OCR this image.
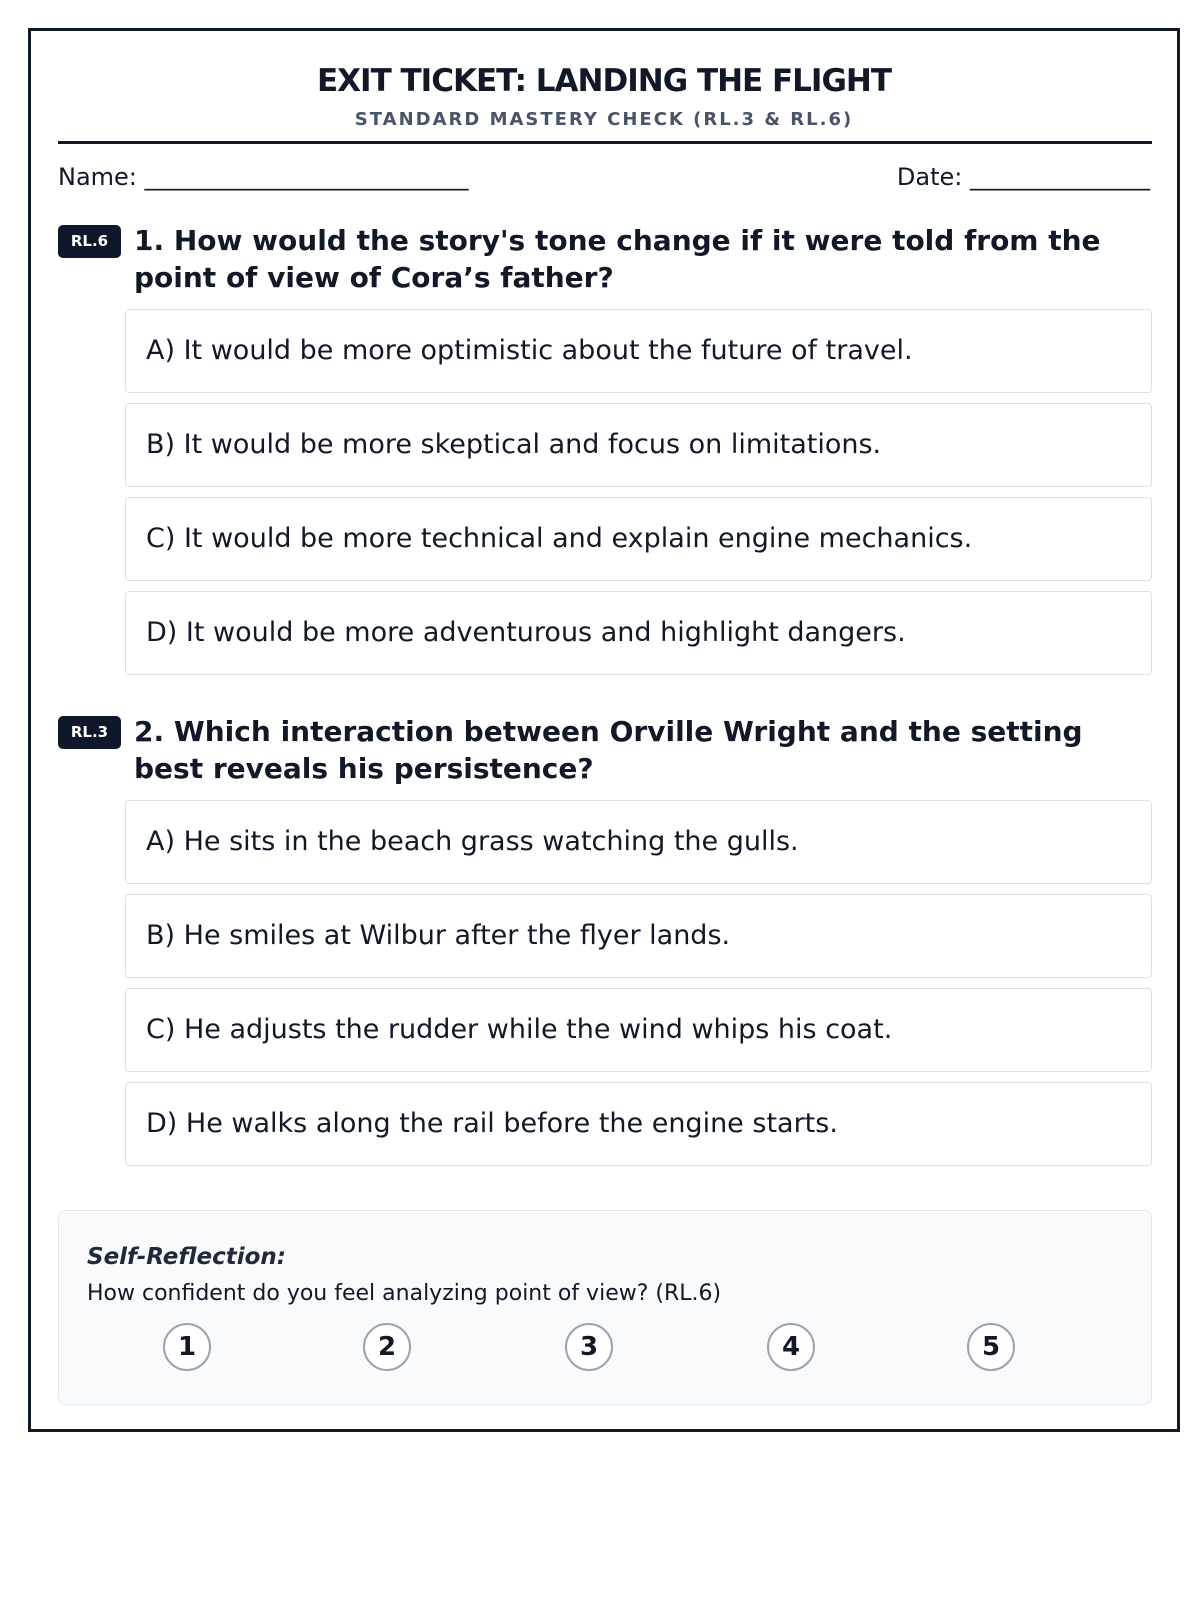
EXIT TICKET: LANDING THE FLIGHT
STANDARD MASTERY CHECK (RL.3 & RL.6)
Name: ___________________________	Date: _______________
RL.6 1. How would the story's tone change if it were told from the point of view of Cora’s father?
A) It would be more optimistic about the future of travel.
B) It would be more skeptical and focus on limitations.
C) It would be more technical and explain engine mechanics.
D) It would be more adventurous and highlight dangers.
RL.3 2. Which interaction between Orville Wright and the setting best reveals his persistence?
A) He sits in the beach grass watching the gulls.
B) He smiles at Wilbur after the flyer lands.
C) He adjusts the rudder while the wind whips his coat.
D) He walks along the rail before the engine starts.
Self-Reflection:
How confident do you feel analyzing point of view? (RL.6)
1	2	3	4	5
